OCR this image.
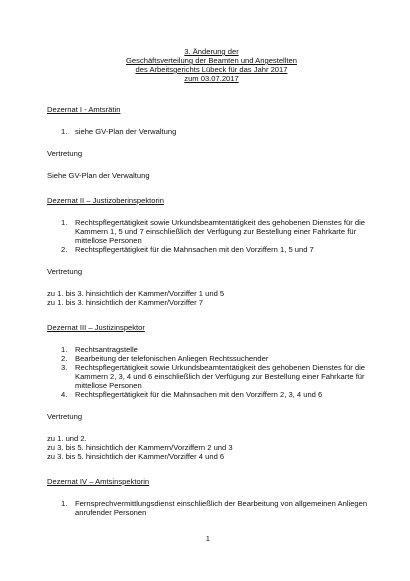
3. Änderung der
Geschäftsverteilung der Beamten und Angestellten
des Arbeitsgerichts Lübeck für das Jahr 2017
zum 03.07.2017
Dezernat I - Amtsrätin
1.	siehe GV-Plan der Verwaltung

Vertretung

Siehe GV-Plan der Verwaltung

Dezernat II – Justizoberinspektorin
1.	Rechtspflegertätigkeit sowie Urkundsbeamtentätigkeit des gehobenen Dienstes für die Kammern 1, 5 und 7 einschließlich der Verfügung zur Bestellung einer Fahrkarte für mittellose Personen
2.	Rechtspflegertätigkeit für die Mahnsachen mit den Vorziffern 1, 5 und 7

Vertretung

zu 1. bis 3. hinsichtlich der Kammer/Vorziffer 1 und 5

zu 1. bis 3. hinsichtlich der Kammer/Vorziffer 7

Dezernat III – Justizinspektor
1.	Rechtsantragstelle
2.	Bearbeitung der telefonischen Anliegen Rechtssuchender
3.	Rechtspflegertätigkeit sowie Urkundsbeamtentätigkeit des gehobenen Dienstes für die Kammern 2, 3, 4 und 6 einschließlich der Verfügung zur Bestellung einer Fahrkarte für mittellose Personen
4.	Rechtspflegertätigkeit für die Mahnsachen mit den Vorziffern 2, 3, 4 und 6

Vertretung

zu 1. und 2.

zu 3. bis 5. hinsichtlich der Kammern/Vorziffern 2 und 3

zu 3. bis 5. hinsichtlich der Kammer/Vorziffer 4 und 6

Dezernat IV – Amtsinspektorin
1.	Fernsprechvermittlungsdienst einschließlich der Bearbeitung von allgemeinen Anliegen anrufender Personen
1
